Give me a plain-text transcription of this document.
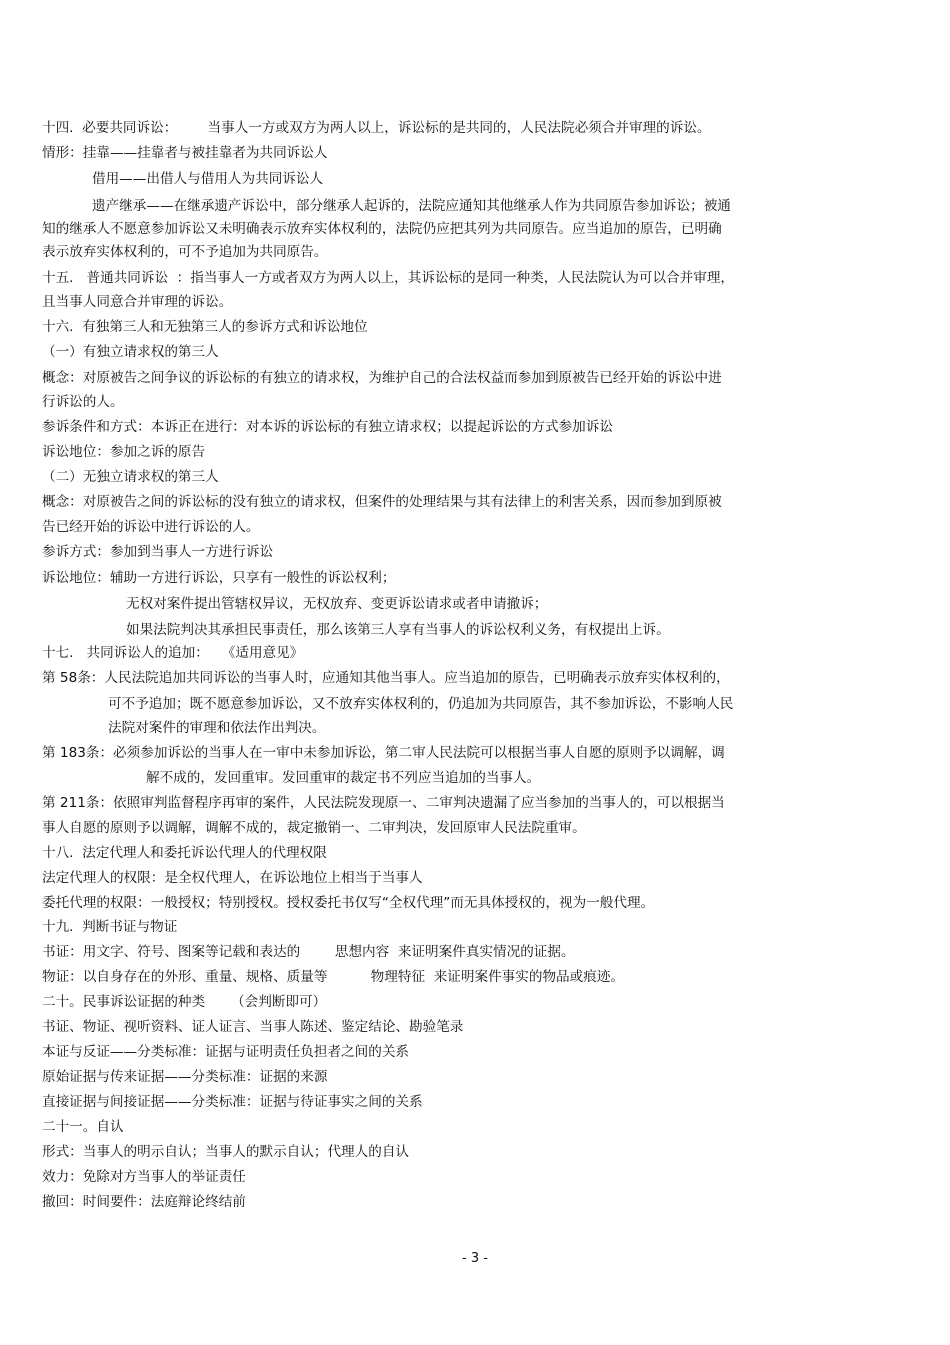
十四.  必要共同诉讼：       当事人一方或双方为两人以上，诉讼标的是共同的，人民法院必须合并审理的诉讼。
情形：挂靠——挂靠者与被挂靠者为共同诉讼人
借用——出借人与借用人为共同诉讼人
遗产继承——在继承遗产诉讼中，部分继承人起诉的，法院应通知其他继承人作为共同原告参加诉讼；被通
知的继承人不愿意参加诉讼又未明确表示放弃实体权利的，法院仍应把其列为共同原告。应当追加的原告，已明确
表示放弃实体权利的，可不予追加为共同原告。
十五.   普通共同诉讼  ：指当事人一方或者双方为两人以上，其诉讼标的是同一种类，人民法院认为可以合并审理，
且当事人同意合并审理的诉讼。
十六.  有独第三人和无独第三人的参诉方式和诉讼地位
（一）有独立请求权的第三人
概念：对原被告之间争议的诉讼标的有独立的请求权，为维护自己的合法权益而参加到原被告已经开始的诉讼中进
行诉讼的人。
参诉条件和方式：本诉正在进行：对本诉的诉讼标的有独立请求权；以提起诉讼的方式参加诉讼
诉讼地位：参加之诉的原告
（二）无独立请求权的第三人
概念：对原被告之间的诉讼标的没有独立的请求权，但案件的处理结果与其有法律上的利害关系，因而参加到原被
告已经开始的诉讼中进行诉讼的人。
参诉方式：参加到当事人一方进行诉讼
诉讼地位：辅助一方进行诉讼，只享有一般性的诉讼权利；
无权对案件提出管辖权异议，无权放弃、变更诉讼请求或者申请撤诉；
如果法院判决其承担民事责任，那么该第三人享有当事人的诉讼权利义务，有权提出上诉。
十七.   共同诉讼人的追加：   《适用意见》
第 58条：人民法院追加共同诉讼的当事人时，应通知其他当事人。应当追加的原告，已明确表示放弃实体权利的，
可不予追加；既不愿意参加诉讼，又不放弃实体权利的，仍追加为共同原告，其不参加诉讼，不影响人民
法院对案件的审理和依法作出判决。
第 183条：必须参加诉讼的当事人在一审中未参加诉讼，第二审人民法院可以根据当事人自愿的原则予以调解，调
解不成的，发回重审。发回重审的裁定书不列应当追加的当事人。
第 211条：依照审判监督程序再审的案件，人民法院发现原一、二审判决遗漏了应当参加的当事人的，可以根据当
事人自愿的原则予以调解，调解不成的，裁定撤销一、二审判决，发回原审人民法院重审。
十八.  法定代理人和委托诉讼代理人的代理权限
法定代理人的权限：是全权代理人，在诉讼地位上相当于当事人
委托代理的权限：一般授权；特别授权。授权委托书仅写“全权代理”而无具体授权的，视为一般代理。
十九.  判断书证与物证
书证：用文字、符号、图案等记载和表达的        思想内容  来证明案件真实情况的证据。
物证：以自身存在的外形、重量、规格、质量等          物理特征  来证明案件事实的物品或痕迹。
二十。民事诉讼证据的种类      （会判断即可）
书证、物证、视听资料、证人证言、当事人陈述、鉴定结论、勘验笔录
本证与反证——分类标准：证据与证明责任负担者之间的关系
原始证据与传来证据——分类标准：证据的来源
直接证据与间接证据——分类标准：证据与待证事实之间的关系
二十一。自认
形式：当事人的明示自认；当事人的默示自认；代理人的自认
效力：免除对方当事人的举证责任
撤回：时间要件：法庭辩论终结前
- 3 -
